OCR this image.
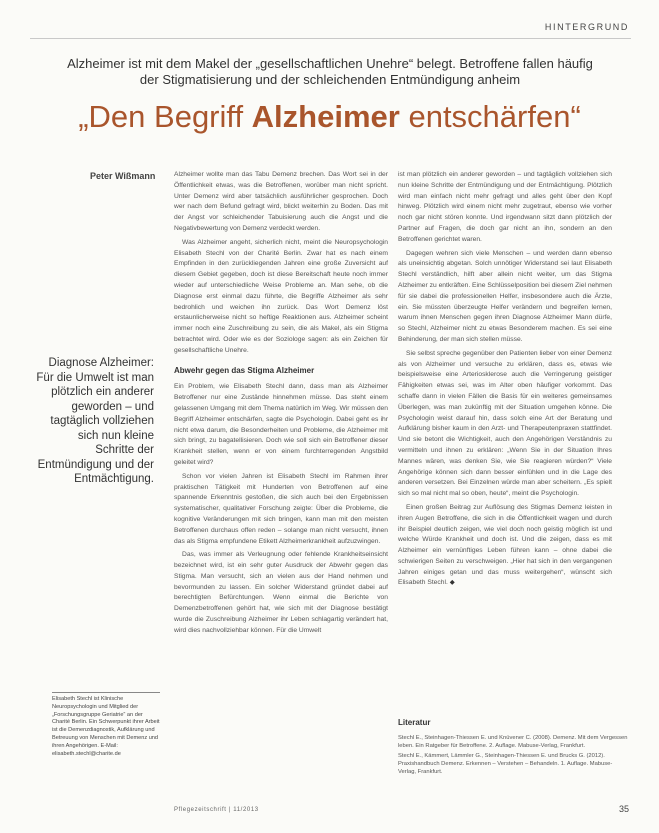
HINTERGRUND
Alzheimer ist mit dem Makel der „gesellschaftlichen Unehre“ belegt. Betroffene fallen häufig der Stigmatisierung und der schleichenden Entmündigung anheim
„Den Begriff Alzheimer entschärfen“
Peter Wißmann
Diagnose Alzheimer: Für die Umwelt ist man plötzlich ein anderer geworden – und tagtäglich vollziehen sich nun kleine Schritte der Entmündigung und der Entmächtigung.
Elisabeth Stechl ist Klinische Neuropsychologin und Mitglied der „Forschungsgruppe Geriatrie“ an der Charité Berlin. Ein Schwerpunkt ihrer Arbeit ist die Demenzdiagnostik, Aufklärung und Betreuung von Menschen mit Demenz und ihren Angehörigen. E-Mail: elisabeth.stechl@charite.de

Alzheimer wollte man das Tabu Demenz brechen. Das Wort sei in der Öffentlichkeit etwas, was die Betroffenen, worüber man nicht spricht. Unter Demenz wird aber tatsächlich ausführlicher gesprochen. Doch wer nach dem Befund gefragt wird, blickt weiterhin zu Boden. Das mit der Angst vor schleichender Tabuisierung auch die Angst und die Negativbewertung von Demenz verdeckt werden.

Was Alzheimer angeht, sicherlich nicht, meint die Neuropsychologin Elisabeth Stechl von der Charité Berlin. Zwar hat es nach einem Empfinden in den zurückliegenden Jahren eine große Zuversicht auf diesem Gebiet gegeben, doch ist diese Bereitschaft heute noch immer wieder auf unterschiedliche Weise Probleme an. Man sehe, ob die Diagnose erst einmal dazu führte, die Begriffe Alzheimer als sehr bedrohlich und weichen ihn zurück. Das Wort Demenz löst erstaunlicherweise nicht so heftige Reaktionen aus. Alzheimer scheint immer noch eine Zuschreibung zu sein, die als Makel, als ein Stigma betrachtet wird. Oder wie es der Soziologe sagen: als ein Zeichen für gesellschaftliche Unehre.

Abwehr gegen das Stigma Alzheimer

Ein Problem, wie Elisabeth Stechl dann, dass man als Alzheimer Betroffener nur eine Zustände hinnehmen müsse. Das steht einem gelassenen Umgang mit dem Thema natürlich im Weg. Wir müssen den Begriff Alzheimer entschärfen, sagte die Psychologin. Dabei geht es ihr nicht etwa darum, die Besonderheiten und Probleme, die Alzheimer mit sich bringt, zu bagatellisieren. Doch wie soll sich ein Betroffener dieser Krankheit stellen, wenn er von einem furchterregenden Angstbild geleitet wird?

Schon vor vielen Jahren ist Elisabeth Stechl im Rahmen ihrer praktischen Tätigkeit mit Hunderten von Betroffenen auf eine spannende Erkenntnis gestoßen, die sich auch bei den Ergebnissen systematischer, qualitativer Forschung zeigte: Über die Probleme, die kognitive Veränderungen mit sich bringen, kann man mit den meisten Betroffenen durchaus offen reden – solange man nicht versucht, ihnen das als Stigma empfundene Etikett Alzheimerkrankheit aufzuzwingen.

Das, was immer als Verleugnung oder fehlende Krankheitseinsicht bezeichnet wird, ist ein sehr guter Ausdruck der Abwehr gegen das Stigma. Man versucht, sich an vielen aus der Hand nehmen und bevormunden zu lassen. Ein solcher Widerstand gründet dabei auf berechtigten Befürchtungen. Wenn einmal die Berichte von Demenzbetroffenen gehört hat, wie sich mit der Diagnose bestätigt wurde die Zuschreibung Alzheimer ihr Leben schlagartig verändert hat, wird dies nachvollziehbar können. Für die Umwelt

ist man plötzlich ein anderer geworden – und tagtäglich vollziehen sich nun kleine Schritte der Entmündigung und der Entmächtigung. Plötzlich wird man einfach nicht mehr gefragt und alles geht über den Kopf hinweg. Plötzlich wird einem nicht mehr zugetraut, ebenso wie vorher noch gar nicht stören konnte. Und irgendwann sitzt dann plötzlich der Partner auf Fragen, die doch gar nicht an ihn, sondern an den Betroffenen gerichtet waren.

Dagegen wehren sich viele Menschen – und werden dann ebenso als uneinsichtig abgetan. Solch unnötiger Widerstand sei laut Elisabeth Stechl verständlich, hilft aber allein nicht weiter, um das Stigma Alzheimer zu entkräften. Eine Schlüsselposition bei diesem Ziel nehmen für sie dabei die professionellen Helfer, insbesondere auch die Ärzte, ein. Sie müssten überzeugte Helfer verändern und begreifen lernen, warum ihnen Menschen gegen ihren Diagnose Alzheimer Mann dürfe, so Stechl, Alzheimer nicht zu etwas Besonderem machen. Es sei eine Behinderung, der man sich stellen müsse.

Sie selbst spreche gegenüber den Patienten lieber von einer Demenz als von Alzheimer und versuche zu erklären, dass es, etwas wie beispielsweise eine Arteriosklerose auch die Verringerung geistiger Fähigkeiten etwas sei, was im Alter oben häufiger vorkommt. Das schaffe dann in vielen Fällen die Basis für ein weiteres gemeinsames Überlegen, was man zukünftig mit der Situation umgehen könne. Die Psychologin weist darauf hin, dass solch eine Art der Beratung und Aufklärung bisher kaum in den Arzt- und Therapeutenpraxen stattfindet. Und sie betont die Wichtigkeit, auch den Angehörigen Verständnis zu vermitteln und ihnen zu erklären: „Wenn Sie in der Situation Ihres Mannes wären, was denken Sie, wie Sie reagieren würden?“ Viele Angehörige können sich dann besser einfühlen und in die Lage des anderen versetzen. Bei Einzelnen würde man aber scheitern. „Es spielt sich so mal nicht mal so oben, heute“, meint die Psychologin.

Einen großen Beitrag zur Auflösung des Stigmas Demenz leisten in ihren Augen Betroffene, die sich in die Öffentlichkeit wagen und durch ihr Beispiel deutlich zeigen, wie viel doch noch geistig möglich ist und welche Würde Krankheit und doch ist. Und die zeigen, dass es mit Alzheimer ein vernünftiges Leben führen kann – ohne dabei die schwierigen Seiten zu verschweigen. „Hier hat sich in den vergangenen Jahren einiges getan und das muss weitergehen“, wünscht sich Elisabeth Stechl. ◆

Literatur

Stechl E., Steinhagen-Thiessen E. und Knüvener C. (2008). Demenz. Mit dem Vergessen leben. Ein Ratgeber für Betroffene. 2. Auflage. Mabuse-Verlag, Frankfurt.

Stechl E., Kämmert, Lämmler G., Steinhagen-Thiessen E. und Brucks G. (2012). Praxishandbuch Demenz. Erkennen – Verstehen – Behandeln. 1. Auflage. Mabuse-Verlag, Frankfurt.

Pflegezeitschrift | 11/2013	35
